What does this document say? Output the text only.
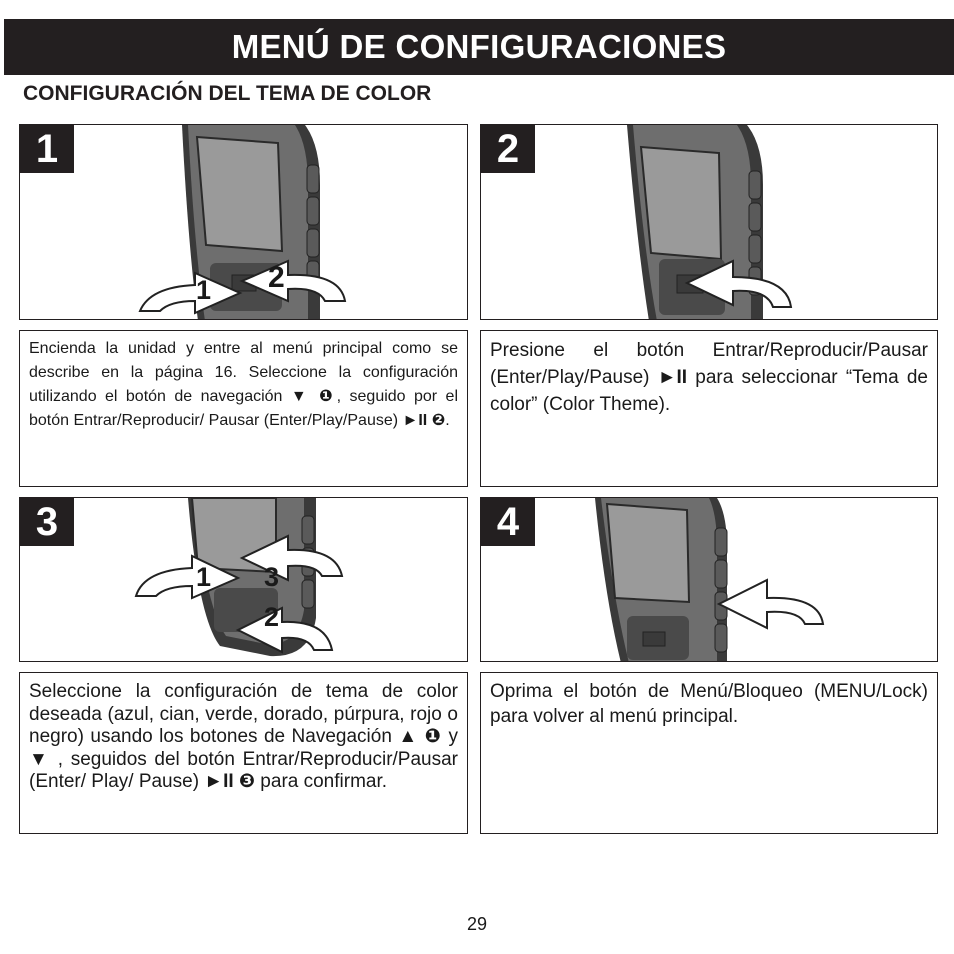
MENÚ DE CONFIGURACIONES
CONFIGURACIÓN DEL TEMA DE COLOR
1
1 2
2

Encienda la unidad y entre al menú principal como se describe en la página 16. Seleccione la configuración utilizando el botón de navegación ▼ ❶, seguido por el botón Entrar/Reproducir/ Pausar (Enter/Play/Pause) ►II ❷.

Presione el botón Entrar/Reproducir/Pausar (Enter/Play/Pause) ►II para seleccionar “Tema de color” (Color Theme).

3
1 3
2
4

Seleccione la configuración de tema de color deseada (azul, cian, verde, dorado, púrpura, rojo o negro) usando los botones de Navegación ▲ ❶ y ▼ , seguidos del botón Entrar/Reproducir/Pausar (Enter/ Play/ Pause) ►II ❸ para confirmar.

Oprima el botón de Menú/Bloqueo (MENU/Lock) para volver al menú principal.

29
